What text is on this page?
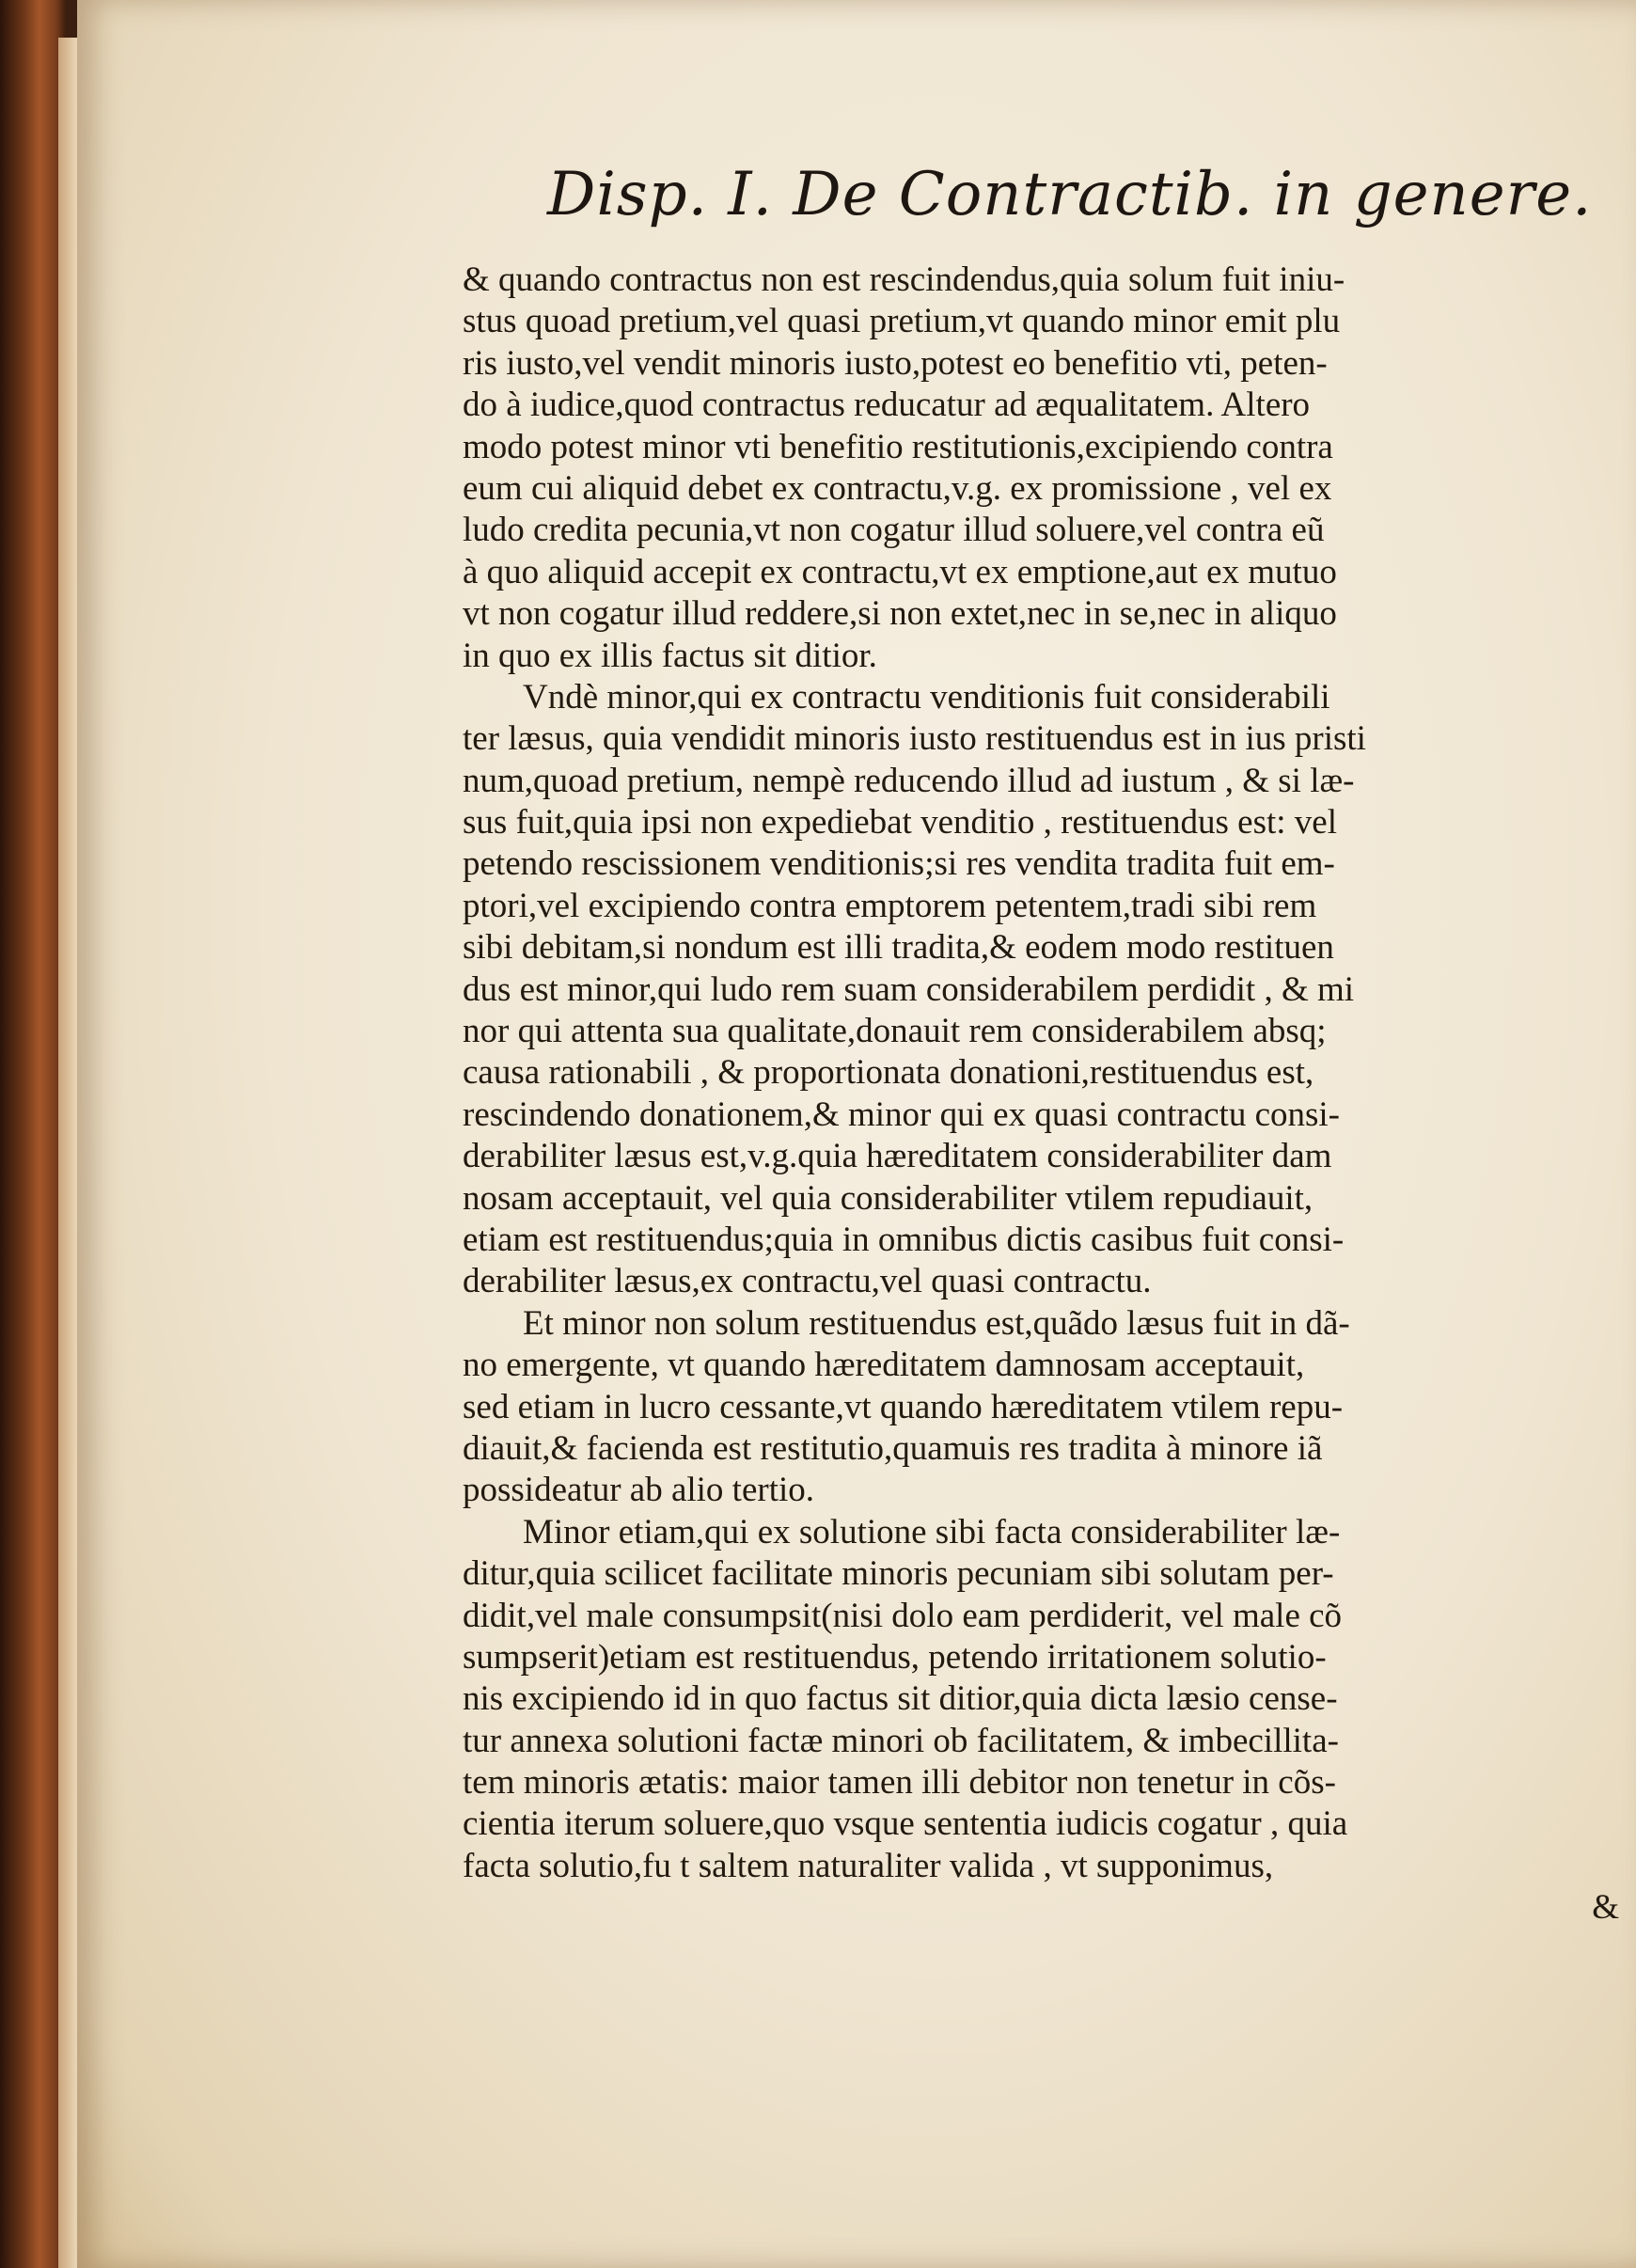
Disp. I. De Contractib. in genere.
& quando contractus non est rescindendus,quia solum fuit iniu-
stus quoad pretium,vel quasi pretium,vt quando minor emit plu
ris iusto,vel vendit minoris iusto,potest eo benefitio vti, peten-
do à iudice,quod contractus reducatur ad æqualitatem. Altero
modo potest minor vti benefitio restitutionis,excipiendo contra
eum cui aliquid debet ex contractu,v.g. ex promissione , vel ex
ludo credita pecunia,vt non cogatur illud soluere,vel contra eũ
à quo aliquid accepit ex contractu,vt ex emptione,aut ex mutuo
vt non cogatur illud reddere,si non extet,nec in se,nec in aliquo
in quo ex illis factus sit ditior.
Vndè minor,qui ex contractu venditionis fuit considerabili
ter læsus, quia vendidit minoris iusto restituendus est in ius pristi
num,quoad pretium, nempè reducendo illud ad iustum , & si læ-
sus fuit,quia ipsi non expediebat venditio , restituendus est: vel
petendo rescissionem venditionis;si res vendita tradita fuit em-
ptori,vel excipiendo contra emptorem petentem,tradi sibi rem
sibi debitam,si nondum est illi tradita,& eodem modo restituen
dus est minor,qui ludo rem suam considerabilem perdidit , & mi
nor qui attenta sua qualitate,donauit rem considerabilem absq;
causa rationabili , & proportionata donationi,restituendus est,
rescindendo donationem,& minor qui ex quasi contractu consi-
derabiliter læsus est,v.g.quia hæreditatem considerabiliter dam
nosam acceptauit, vel quia considerabiliter vtilem repudiauit,
etiam est restituendus;quia in omnibus dictis casibus fuit consi-
derabiliter læsus,ex contractu,vel quasi contractu.
Et minor non solum restituendus est,quãdo læsus fuit in dã-
no emergente, vt quando hæreditatem damnosam acceptauit,
sed etiam in lucro cessante,vt quando hæreditatem vtilem repu-
diauit,& facienda est restitutio,quamuis res tradita à minore iã
possideatur ab alio tertio.
Minor etiam,qui ex solutione sibi facta considerabiliter læ-
ditur,quia scilicet facilitate minoris pecuniam sibi solutam per-
didit,vel male consumpsit(nisi dolo eam perdiderit, vel male cõ
sumpserit)etiam est restituendus, petendo irritationem solutio-
nis excipiendo id in quo factus sit ditior,quia dicta læsio cense-
tur annexa solutioni factæ minori ob facilitatem, & imbecillita-
tem minoris ætatis: maior tamen illi debitor non tenetur in cõs-
cientia iterum soluere,quo vsque sententia iudicis cogatur , quia
facta solutio,fu t saltem naturaliter valida , vt supponimus,
&
